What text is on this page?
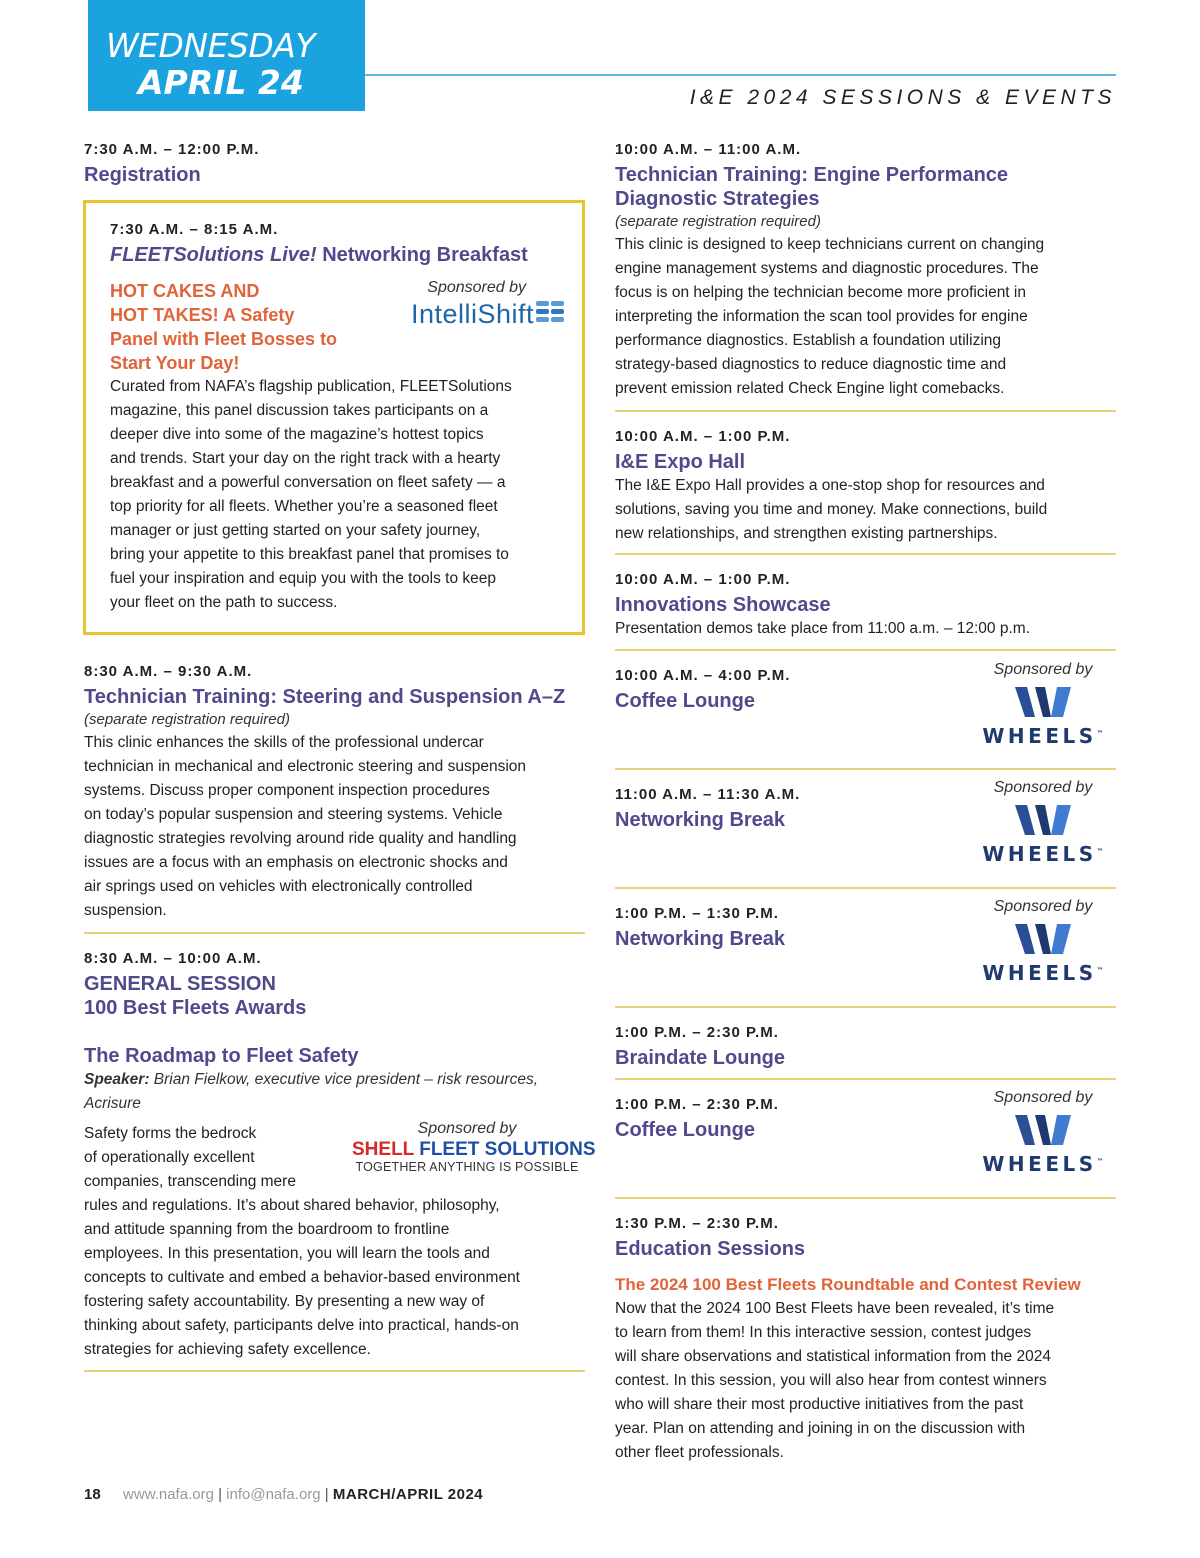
WEDNESDAY
APRIL 24	I&E 2024 SESSIONS & EVENTS
7:30 A.M. – 12:00 P.M.
Registration
7:30 A.M. – 8:15 A.M.
FLEETSolutions Live! Networking Breakfast
HOT CAKES AND
HOT TAKES! A Safety
Panel with Fleet Bosses to
Start Your Day!
Sponsored by
IntelliShift
Curated from NAFA’s flagship publication, FLEETSolutions
magazine, this panel discussion takes participants on a
deeper dive into some of the magazine’s hottest topics
and trends. Start your day on the right track with a hearty
breakfast and a powerful conversation on fleet safety — a
top priority for all fleets. Whether you’re a seasoned fleet
manager or just getting started on your safety journey,
bring your appetite to this breakfast panel that promises to
fuel your inspiration and equip you with the tools to keep
your fleet on the path to success.
8:30 A.M. – 9:30 A.M.
Technician Training: Steering and Suspension A–Z
(separate registration required)
This clinic enhances the skills of the professional undercar
technician in mechanical and electronic steering and suspension
systems. Discuss proper component inspection procedures
on today’s popular suspension and steering systems. Vehicle
diagnostic strategies revolving around ride quality and handling
issues are a focus with an emphasis on electronic shocks and
air springs used on vehicles with electronically controlled
suspension.
8:30 A.M. – 10:00 A.M.
GENERAL SESSION
100 Best Fleets Awards
The Roadmap to Fleet Safety
Speaker: Brian Fielkow, executive vice president – risk resources,
Acrisure
Safety forms the bedrock
of operationally excellent
companies, transcending mere
Sponsored by
SHELL FLEET SOLUTIONS
TOGETHER ANYTHING IS POSSIBLE
rules and regulations. It’s about shared behavior, philosophy,
and attitude spanning from the boardroom to frontline
employees. In this presentation, you will learn the tools and
concepts to cultivate and embed a behavior-based environment
fostering safety accountability. By presenting a new way of
thinking about safety, participants delve into practical, hands-on
strategies for achieving safety excellence.
10:00 A.M. – 11:00 A.M.
Technician Training: Engine Performance
Diagnostic Strategies
(separate registration required)
This clinic is designed to keep technicians current on changing
engine management systems and diagnostic procedures. The
focus is on helping the technician become more proficient in
interpreting the information the scan tool provides for engine
performance diagnostics. Establish a foundation utilizing
strategy-based diagnostics to reduce diagnostic time and
prevent emission related Check Engine light comebacks.
10:00 A.M. – 1:00 P.M.
I&E Expo Hall
The I&E Expo Hall provides a one-stop shop for resources and
solutions, saving you time and money. Make connections, build
new relationships, and strengthen existing partnerships.
10:00 A.M. – 1:00 P.M.
Innovations Showcase
Presentation demos take place from 11:00 a.m. – 12:00 p.m.
10:00 A.M. – 4:00 P.M.
Coffee Lounge
Sponsored by
WHEELS™
11:00 A.M. – 11:30 A.M.
Networking Break
Sponsored by
WHEELS™
1:00 P.M. – 1:30 P.M.
Networking Break
Sponsored by
WHEELS™
1:00 P.M. – 2:30 P.M.
Braindate Lounge
1:00 P.M. – 2:30 P.M.
Coffee Lounge
Sponsored by
WHEELS™
1:30 P.M. – 2:30 P.M.
Education Sessions
The 2024 100 Best Fleets Roundtable and Contest Review
Now that the 2024 100 Best Fleets have been revealed, it’s time
to learn from them! In this interactive session, contest judges
will share observations and statistical information from the 2024
contest. In this session, you will also hear from contest winners
who will share their most productive initiatives from the past
year. Plan on attending and joining in on the discussion with
other fleet professionals.
18 www.nafa.org | info@nafa.org | MARCH/APRIL 2024
